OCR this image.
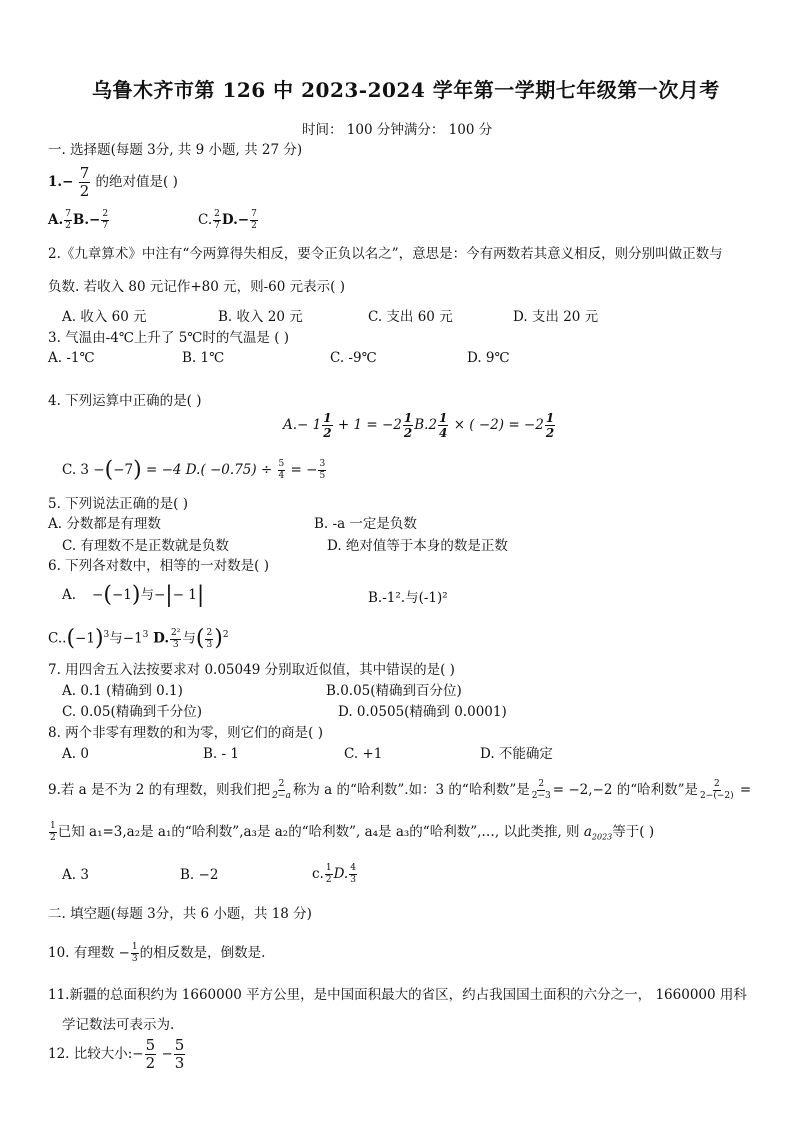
乌鲁木齐市第 126 中 2023-2024 学年第一学期七年级第一次月考
时间： 100 分钟满分： 100 分
一. 选择题(每题 3分, 共 9 小题, 共 27 分)
$1.- \frac{7}{2}$ 的绝对值是( )
A. $\frac{7}{2} B.- \frac{2}{7}$	C. $\frac{2}{7} D.- \frac{7}{2}$
2.《九章算术》中注有“今两算得失相反，要令正负以名之”，意思是：今有两数若其意义相反，则分别叫做正数与
负数. 若收入 80 元记作+80 元，则-60 元表示( )
A. 收入 60 元	B. 收入 20 元	C. 支出 60 元	D. 支出 20 元
3. 气温由-4℃上升了 5℃时的气温是 ( )
A. -1℃	B. 1℃	C. -9℃	D. 9℃
4. 下列运算中正确的是( )
$A.- 1 \frac{1}{2} + 1 = -2 \frac{1}{2} B.2 \frac{1}{4}$ × ( $-2) = -2 \frac{1}{2}$
C. 3 −(−7) = −4 $D.( -0.75) \div \frac{5}{4}$ = − $\frac{3}{5}$
5. 下列说法正确的是( )
A. 分数都是有理数	B. -a 一定是负数
C. 有理数不是正数就是负数	D. 绝对值等于本身的数是正数
6. 下列各对数中，相等的一对数是( )
A. −(−1)与−|− 1|	B.-1².与(-1)²
$C..(-1)^3$与$-1^3$ D. $\frac{\text{2²}}{3}$ 与( $\frac{2}{3} )^2$
7. 用四舍五入法按要求对 0.05049 分别取近似值，其中错误的是( )
A. 0.1 (精确到 0.1)	B.0.05(精确到百分位)
C. 0.05(精确到千分位)	D. 0.0505(精确到 0.0001)
8. 两个非零有理数的和为零，则它们的商是( )
A. 0	B. - 1	C. +1	D. 不能确定
9.若 a 是不为 2 的有理数，则我们把 $\frac{2}{2-a}$ 称为 a 的“哈利数”.如：3 的“哈利数”是 $\frac{2}{2-3} = -2,-2$ 的“哈利数”是 $\frac{2}{2-(-2)}$ =
$\frac{1}{2}$ 已知 a₁=3,a₂是 a₁的“哈利数”,a₃是 a₂的“哈利数”, a₄是 a₃的“哈利数”,…, 以此类推, 则 $a_{2023}$等于( )
A. 3	B. −2	c. $\frac{1}{2} D$. $\frac{4}{3}$
二. 填空题(每题 3分，共 6 小题，共 18 分)
10. 有理数 − $\frac{1}{3}$ 的相反数是，倒数是.
11.新疆的总面积约为 1660000 平方公里，是中国面积最大的省区，约占我国国土面积的六分之一， 1660000 用科
学记数法可表示为.
12. 比较大小:− $\frac{5}{2} - \frac{5}{3}$
